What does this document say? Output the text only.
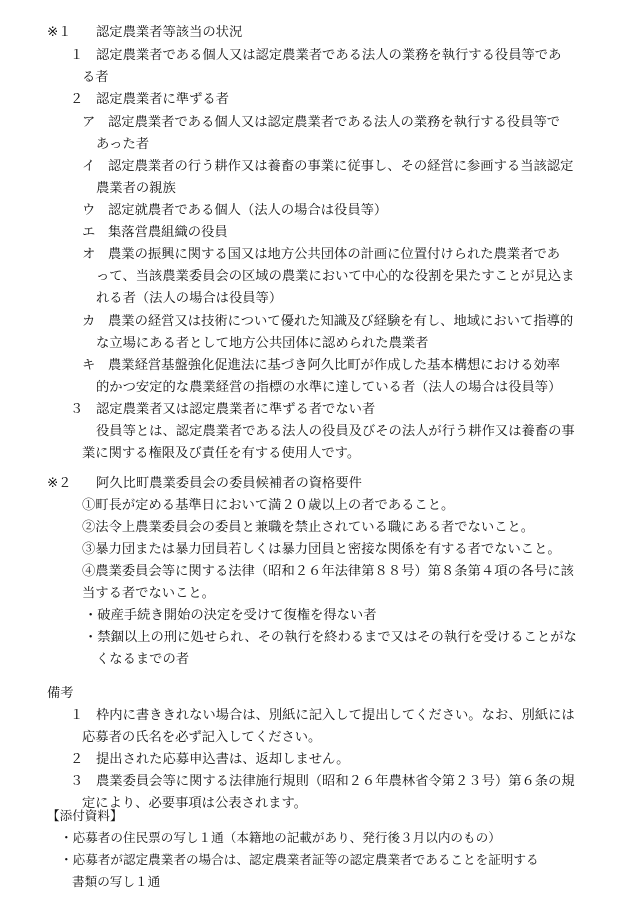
※１ 認定農業者等該当の状況
１ 認定農業者である個人又は認定農業者である法人の業務を執行する役員等であ
る者
２ 認定農業者に準ずる者
ア 認定農業者である個人又は認定農業者である法人の業務を執行する役員等で
あった者
イ 認定農業者の行う耕作又は養畜の事業に従事し、その経営に参画する当該認定
農業者の親族
ウ 認定就農者である個人（法人の場合は役員等）
エ 集落営農組織の役員
オ 農業の振興に関する国又は地方公共団体の計画に位置付けられた農業者であ
って、当該農業委員会の区域の農業において中心的な役割を果たすことが見込ま
れる者（法人の場合は役員等）
カ 農業の経営又は技術について優れた知識及び経験を有し、地域において指導的
な立場にある者として地方公共団体に認められた農業者
キ 農業経営基盤強化促進法に基づき阿久比町が作成した基本構想における効率
的かつ安定的な農業経営の指標の水準に達している者（法人の場合は役員等）
３ 認定農業者又は認定農業者に準ずる者でない者
役員等とは、認定農業者である法人の役員及びその法人が行う耕作又は養畜の事
業に関する権限及び責任を有する使用人です。
※２ 阿久比町農業委員会の委員候補者の資格要件
①町長が定める基準日において満２０歳以上の者であること。
②法令上農業委員会の委員と兼職を禁止されている職にある者でないこと。
③暴力団または暴力団員若しくは暴力団員と密接な関係を有する者でないこと。
④農業委員会等に関する法律（昭和２６年法律第８８号）第８条第４項の各号に該
当する者でないこと。
・破産手続き開始の決定を受けて復権を得ない者
・禁錮以上の刑に処せられ、その執行を終わるまで又はその執行を受けることがな
くなるまでの者
備考
１ 枠内に書ききれない場合は、別紙に記入して提出してください。なお、別紙には
応募者の氏名を必ず記入してください。
２ 提出された応募申込書は、返却しません。
３ 農業委員会等に関する法律施行規則（昭和２６年農林省令第２３号）第６条の規
定により、必要事項は公表されます。
【添付資料】
・応募者の住民票の写し１通（本籍地の記載があり、発行後３月以内のもの）
・応募者が認定農業者の場合は、認定農業者証等の認定農業者であることを証明する
書類の写し１通
